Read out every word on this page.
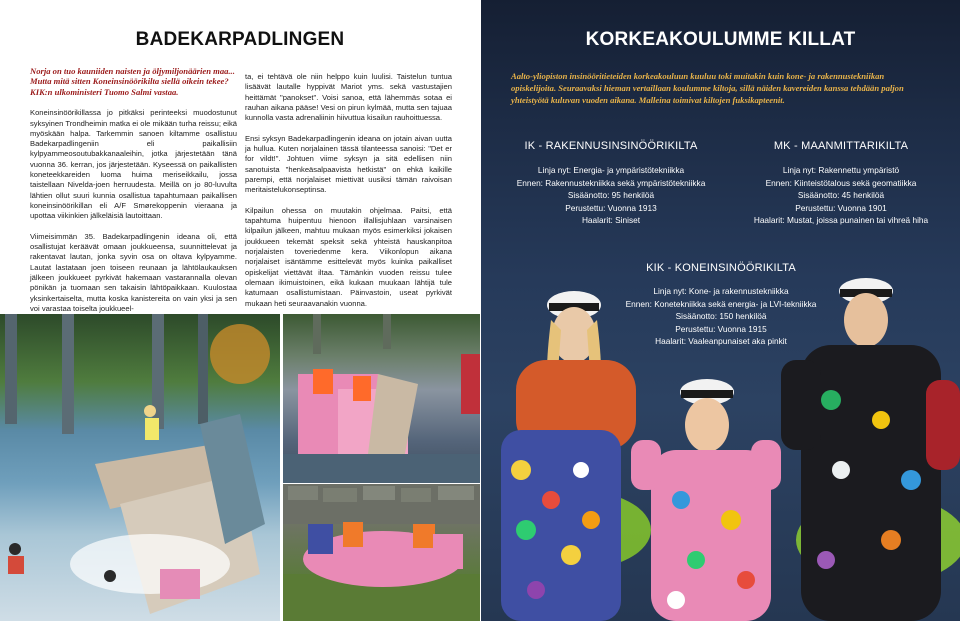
BADEKARPADLINGEN

Norja on tuo kauniiden naisten ja öljymiljonäärien maa... Mutta mitä sitten Koneinsinöörikilta siellä oikein tekee? KIK:n ulkoministeri Tuomo Salmi vastaa.

Koneinsinöörikillassa jo pitkäksi perinteeksi muodostunut syksyinen Trondheimin matka ei ole mikään turha reissu; eikä myöskään halpa. Tarkemmin sanoen kiltamme osallistuu Badekarpadlingeniin eli paikallisiin kylpyammeosoutubakkanaaleihin, jotka järjestetään tänä vuonna 36. kerran, jos järjestetään. Kyseessä on paikallisten koneteekkareiden luoma huima meriseikkailu, jossa taistellaan Nivelda-joen herruudesta. Meillä on jo 80-luvulta lähtien ollut suuri kunnia osallistua tapahtumaan paikallisen koneinsinöörikillan eli A/F Smørekoppenin vieraana ja upottaa viikinkien jälkeläisiä lautoittaan.

Viimeisimmän 35. Badekarpadlingenin ideana oli, että osallistujat keräävät omaan joukkueensa, suunnittelevat ja rakentavat lautan, jonka syvin osa on oltava kylpyamme. Lautat lastataan joen toiseen reunaan ja lähtölaukauksen jälkeen joukkueet pyrkivät hakemaan vastarannalla olevan pönikän ja tuomaan sen takaisin lähtöpaikkaan. Kuulostaa yksinkertaiselta, mutta koska kanistereita on vain yksi ja sen voi varastaa toiselta joukkueel-

ta, ei tehtävä ole niin helppo kuin luulisi. Taistelun tuntua lisäävät lautalle hyppivät Mariot yms. sekä vastustajien heittämät "panokset". Voisi sanoa, että lähemmäs sotaa ei rauhan aikana pääse! Vesi on pirun kylmää, mutta sen tajuaa kunnolla vasta adrenaliinin hiivuttua kisailun rauhoittuessa.

Ensi syksyn Badekarpadlingenin ideana on jotain aivan uutta ja hullua. Kuten norjalainen tässä tilanteessa sanoisi: "Det er for vildt!". Johtuen viime syksyn ja sitä edellisen niin sanotuista "henkeäsalpaavista hetkistä" on ehkä kaikille parempi, että norjalaiset miettivät uusiksi tämän raivoisan meritaistelukonseptinsa.

Kilpailun ohessa on muutakin ohjelmaa. Paitsi, että tapahtuma huipentuu hienoon illallisjuhlaan varsinaisen kilpailun jälkeen, mahtuu mukaan myös esimerkiksi jokaisen joukkueen tekemät speksit sekä yhteistä hauskanpitoa norjalaisten toveriedenme kera. Viikonlopun aikana norjalaiset isäntämme esittelevät myös kuinka paikalliset opiskelijat viettävät iltaa. Tämänkin vuoden reissu tulee olemaan ikimuistoinen, eikä kukaan muukaan lähtijä tule katumaan osallistumistaan. Päinvastoin, useat pyrkivät mukaan heti seuraavanakin vuonna.

KORKEAKOULUMME KILLAT

Aalto-yliopiston insinööritieteiden korkeakouluun kuuluu toki muitakin kuin kone- ja rakennustekniikan opiskelijoita. Seuraavaksi hieman vertaillaan koulumme kiltoja, sillä näiden kavereiden kanssa tehdään paljon yhteistyötä kuluvan vuoden aikana. Malleina toimivat kiltojen fuksikapteenit.

IK - RAKENNUSINSINÖÖRIKILTA
Linja nyt: Energia- ja ympäristötekniikka
Ennen: Rakennustekniikka sekä ympäristötekniikka
Sisäänotto: 95 henkilöä
Perustettu: Vuonna 1913
Haalarit: Siniset
MK - MAANMITTARIKILTA
Linja nyt: Rakennettu ympäristö
Ennen: Kiinteistötalous sekä geomatiikka
Sisäänotto: 45 henkilöä
Perustettu: Vuonna 1901
Haalarit: Mustat, joissa punainen tai vihreä hiha
KIK - KONEINSINÖÖRIKILTA
Linja nyt: Kone- ja rakennustekniikka
Ennen: Konetekniikka sekä energia- ja LVI-tekniikka
Sisäänotto: 150 henkilöä
Perustettu: Vuonna 1915
Haalarit: Vaaleanpunaiset aka pinkit
